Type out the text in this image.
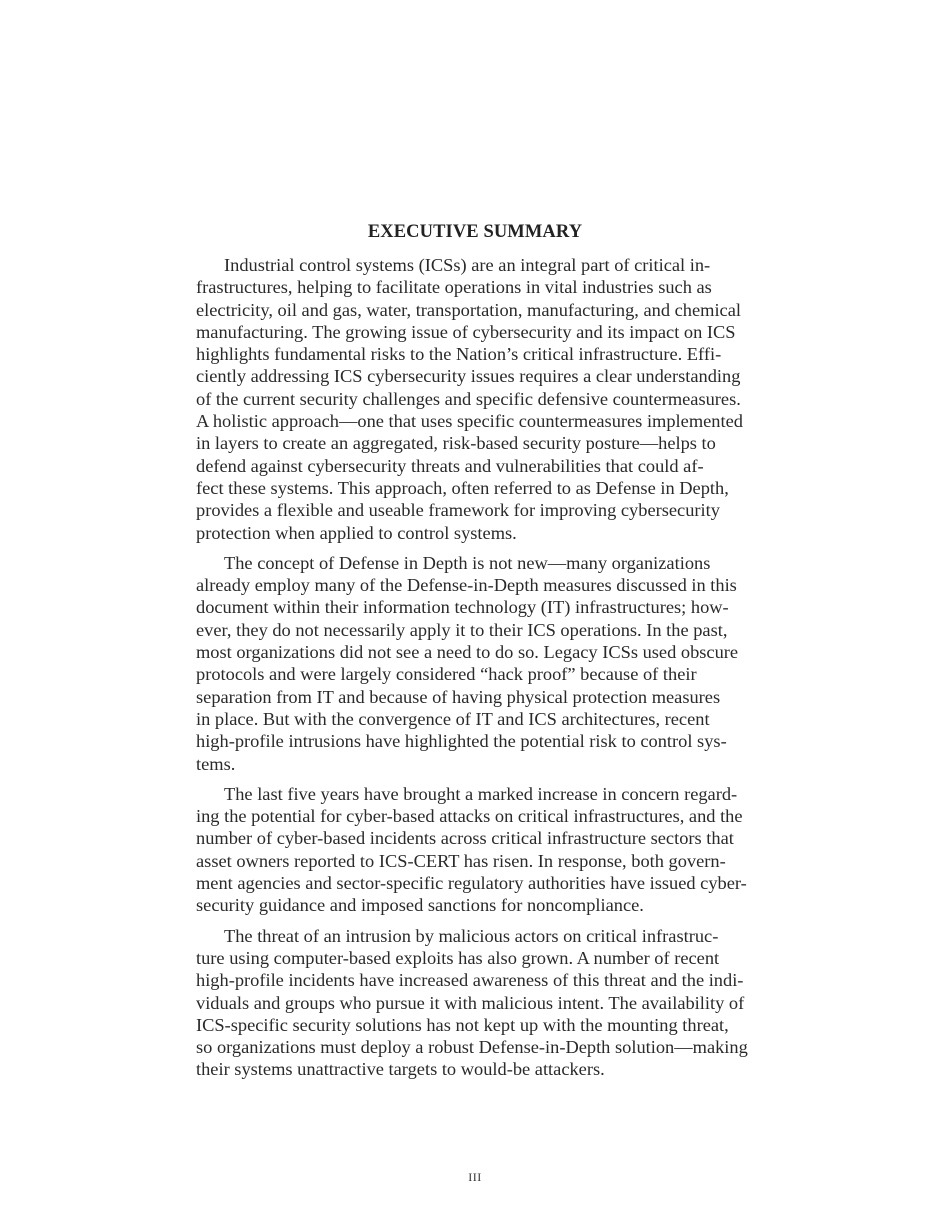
EXECUTIVE SUMMARY

Industrial control systems (ICSs) are an integral part of critical in-
frastructures, helping to facilitate operations in vital industries such as
electricity, oil and gas, water, transportation, manufacturing, and chemical
manufacturing. The growing issue of cybersecurity and its impact on ICS
highlights fundamental risks to the Nation’s critical infrastructure. Effi-
ciently addressing ICS cybersecurity issues requires a clear understanding
of the current security challenges and specific defensive countermeasures.
A holistic approach—one that uses specific countermeasures implemented
in layers to create an aggregated, risk-based security posture—helps to
defend against cybersecurity threats and vulnerabilities that could af-
fect these systems. This approach, often referred to as Defense in Depth,
provides a flexible and useable framework for improving cybersecurity
protection when applied to control systems.

The concept of Defense in Depth is not new—many organizations
already employ many of the Defense-in-Depth measures discussed in this
document within their information technology (IT) infrastructures; how-
ever, they do not necessarily apply it to their ICS operations. In the past,
most organizations did not see a need to do so. Legacy ICSs used obscure
protocols and were largely considered “hack proof” because of their
separation from IT and because of having physical protection measures
in place. But with the convergence of IT and ICS architectures, recent
high-profile intrusions have highlighted the potential risk to control sys-
tems.

The last five years have brought a marked increase in concern regard-
ing the potential for cyber-based attacks on critical infrastructures, and the
number of cyber-based incidents across critical infrastructure sectors that
asset owners reported to ICS-CERT has risen. In response, both govern-
ment agencies and sector-specific regulatory authorities have issued cyber-
security guidance and imposed sanctions for noncompliance.

The threat of an intrusion by malicious actors on critical infrastruc-
ture using computer-based exploits has also grown. A number of recent
high-profile incidents have increased awareness of this threat and the indi-
viduals and groups who pursue it with malicious intent. The availability of
ICS-specific security solutions has not kept up with the mounting threat,
so organizations must deploy a robust Defense-in-Depth solution—making
their systems unattractive targets to would-be attackers.

III
